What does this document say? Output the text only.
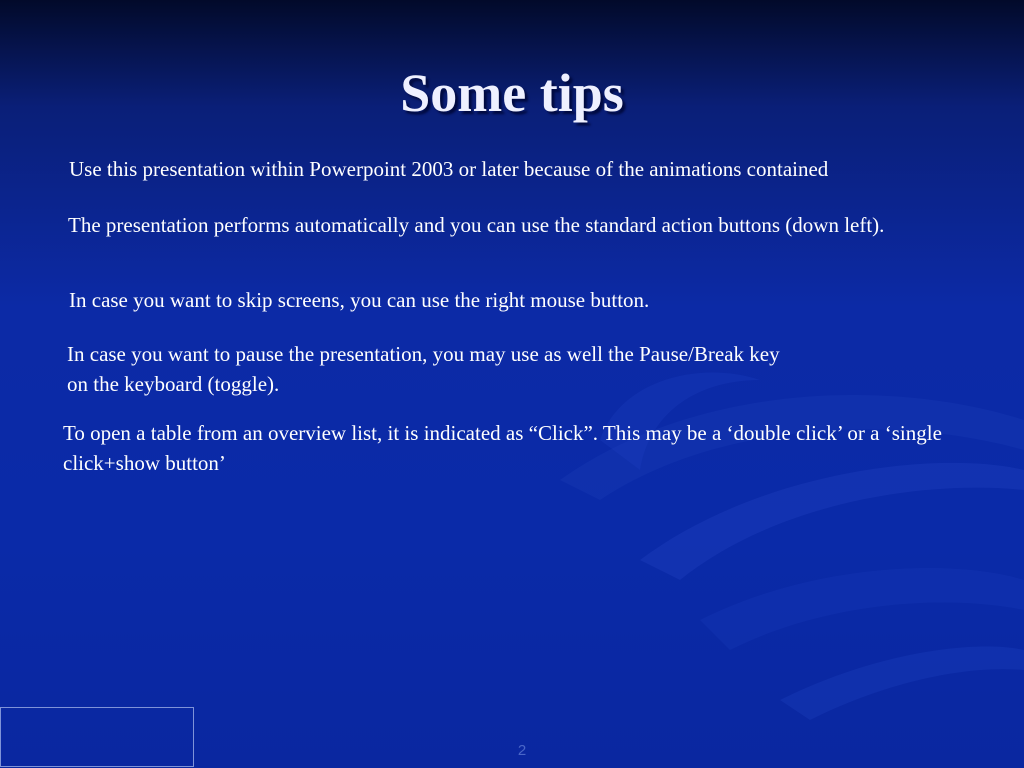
Some tips

Use this presentation within Powerpoint 2003 or later because of the animations contained

The presentation performs automatically and you can use the standard action buttons (down left).

In case you want to skip screens, you can use the right mouse button.

In case you want to pause the presentation, you may use as well the Pause/Break key on the keyboard (toggle).

To open a table from an overview list, it is indicated as “Click”. This may be a ‘double click’ or a ‘single click+show button’

2
